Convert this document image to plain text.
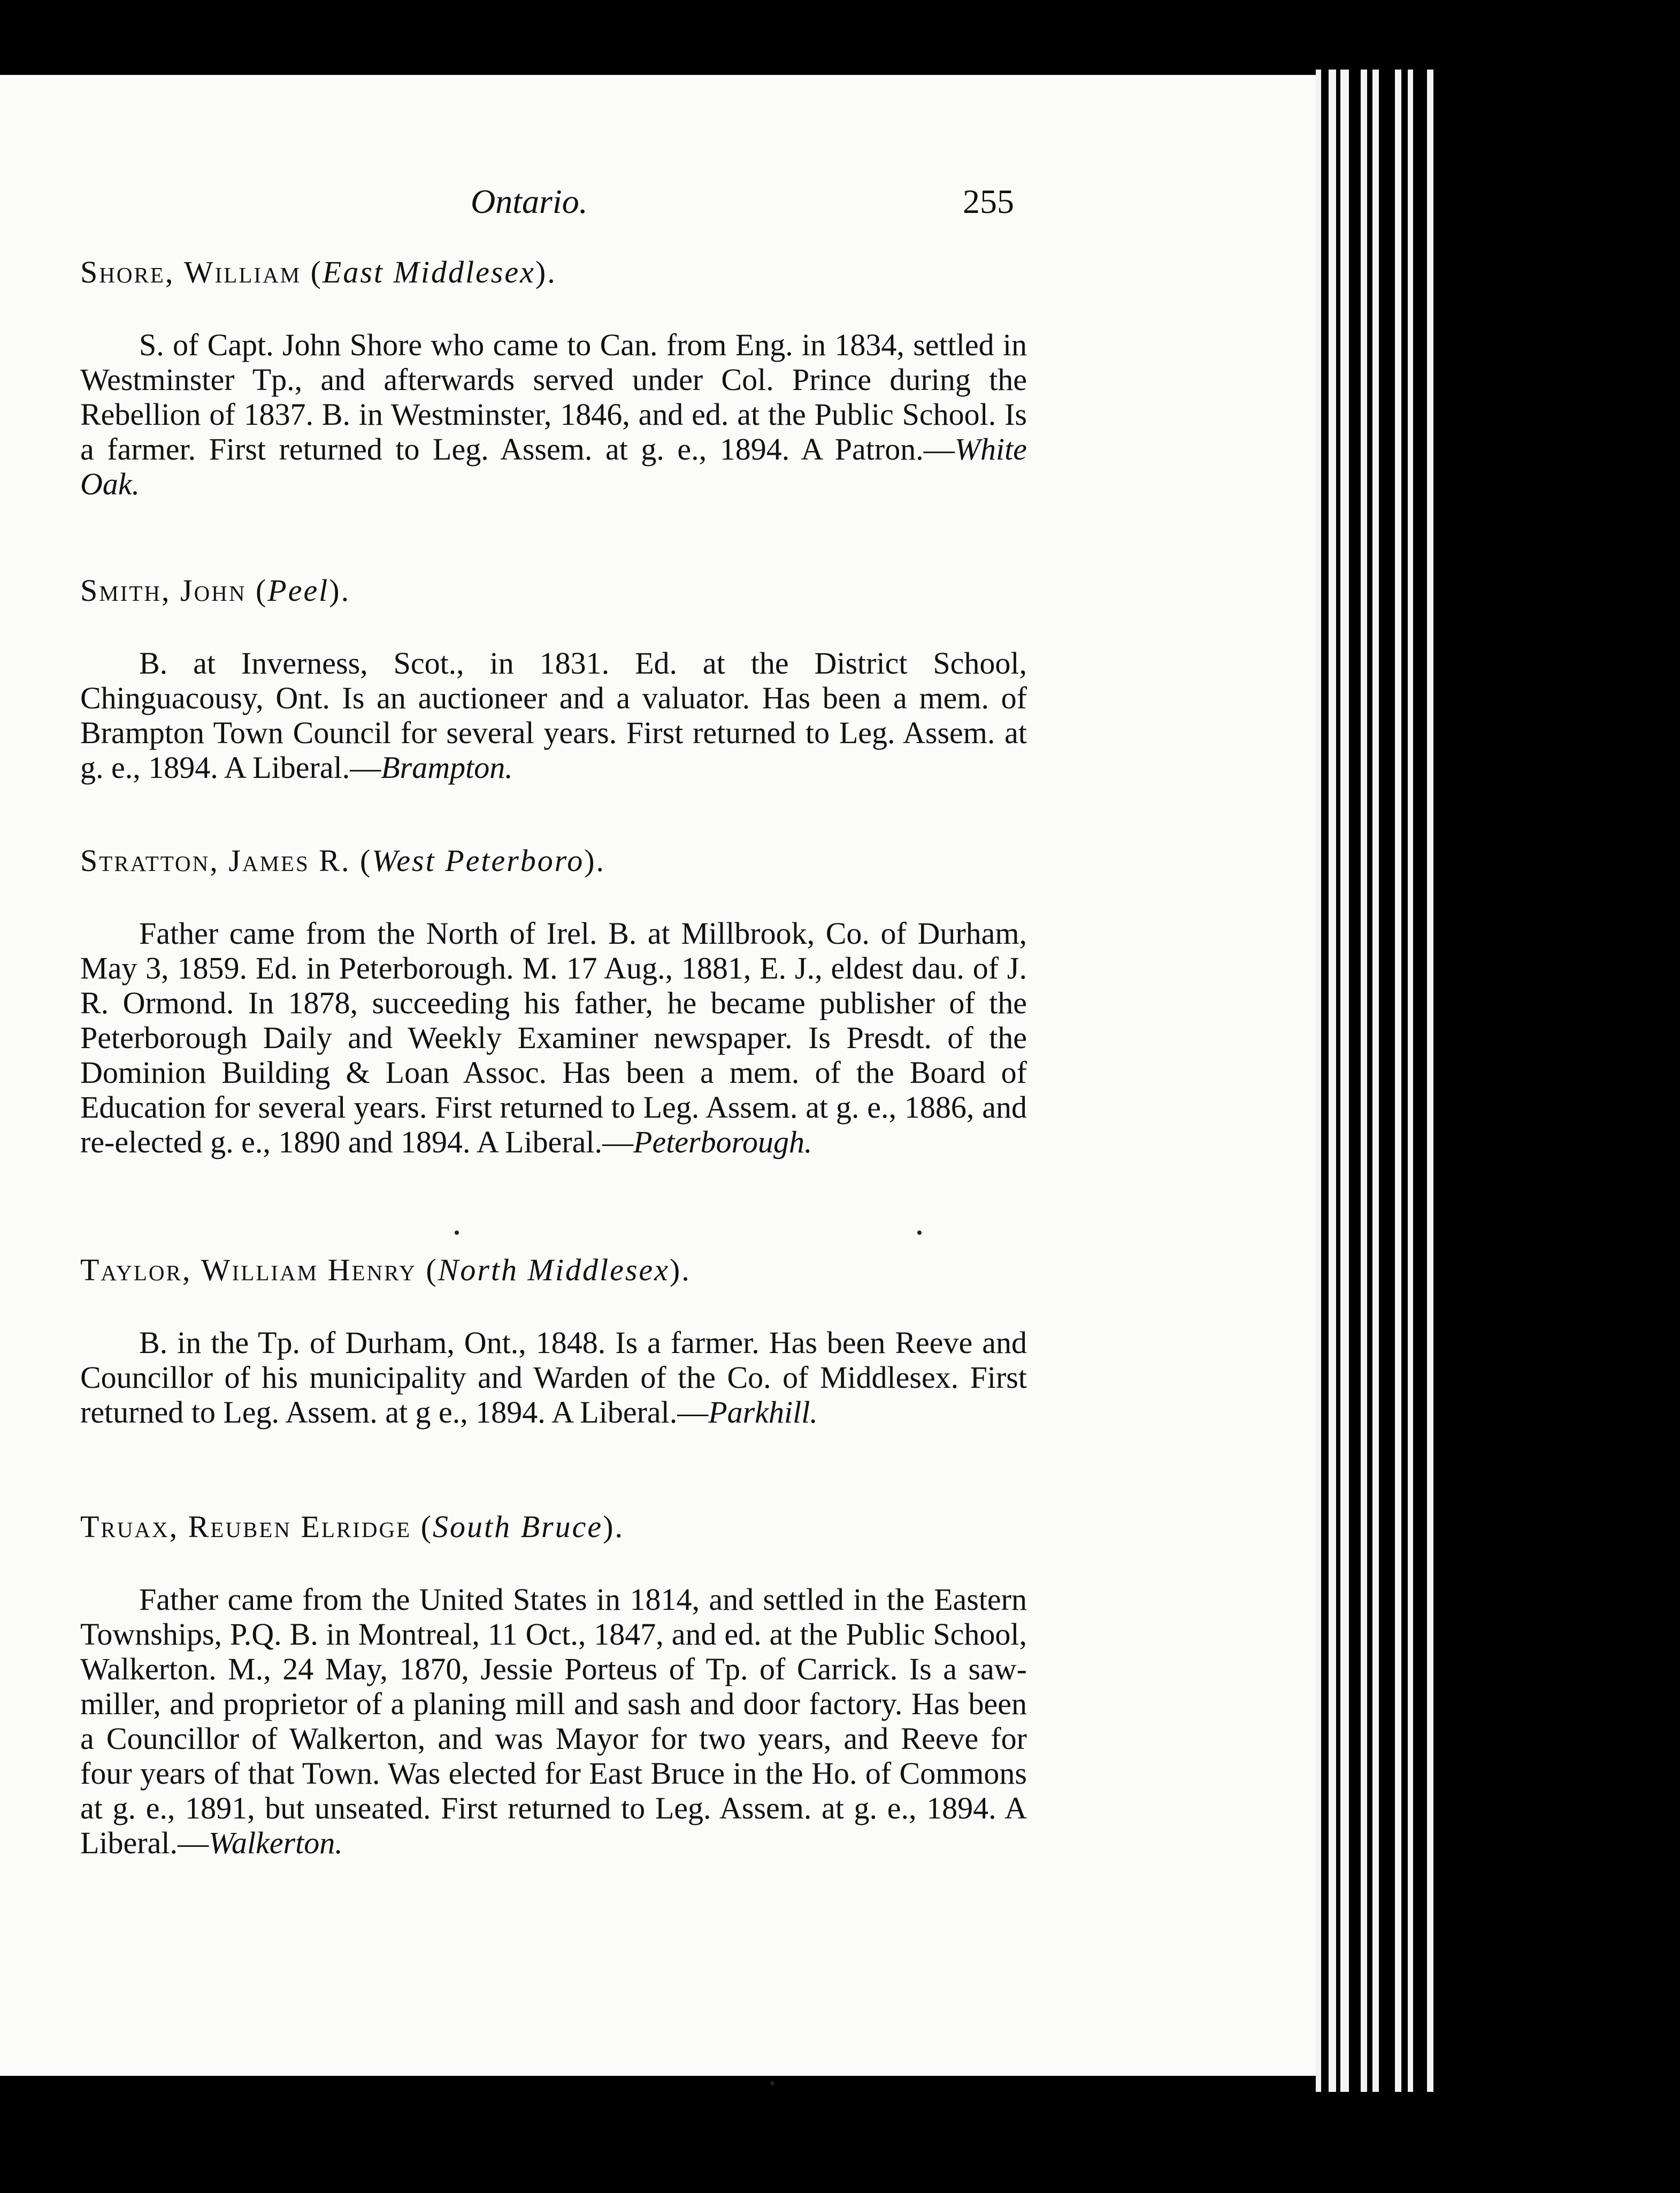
Ontario.	255
Shore, William (East Middlesex).

S. of Capt. John Shore who came to Can. from Eng. in 1834, settled in Westminster Tp., and afterwards served under Col. Prince during the Rebellion of 1837. B. in Westminster, 1846, and ed. at the Public School. Is a farmer. First returned to Leg. Assem. at g. e., 1894. A Patron.—White Oak.

Smith, John (Peel).

B. at Inverness, Scot., in 1831. Ed. at the District School, Chinguacousy, Ont. Is an auctioneer and a valuator. Has been a mem. of Brampton Town Council for several years. First returned to Leg. Assem. at g. e., 1894. A Liberal.—Brampton.

Stratton, James R. (West Peterboro).

Father came from the North of Irel. B. at Millbrook, Co. of Durham, May 3, 1859. Ed. in Peterborough. M. 17 Aug., 1881, E. J., eldest dau. of J. R. Ormond. In 1878, succeeding his father, he became publisher of the Peterborough Daily and Weekly Examiner newspaper. Is Presdt. of the Dominion Building & Loan Assoc. Has been a mem. of the Board of Education for several years. First returned to Leg. Assem. at g. e., 1886, and re-elected g. e., 1890 and 1894. A Liberal.—Peterborough.

Taylor, William Henry (North Middlesex).

B. in the Tp. of Durham, Ont., 1848. Is a farmer. Has been Reeve and Councillor of his municipality and Warden of the Co. of Middlesex. First returned to Leg. Assem. at g e., 1894. A Liberal.—Parkhill.

Truax, Reuben Elridge (South Bruce).

Father came from the United States in 1814, and settled in the Eastern Townships, P.Q. B. in Montreal, 11 Oct., 1847, and ed. at the Public School, Walkerton. M., 24 May, 1870, Jessie Porteus of Tp. of Carrick. Is a saw-miller, and proprietor of a planing mill and sash and door factory. Has been a Councillor of Walkerton, and was Mayor for two years, and Reeve for four years of that Town. Was elected for East Bruce in the Ho. of Commons at g. e., 1891, but unseated. First returned to Leg. Assem. at g. e., 1894. A Liberal.—Walkerton.
